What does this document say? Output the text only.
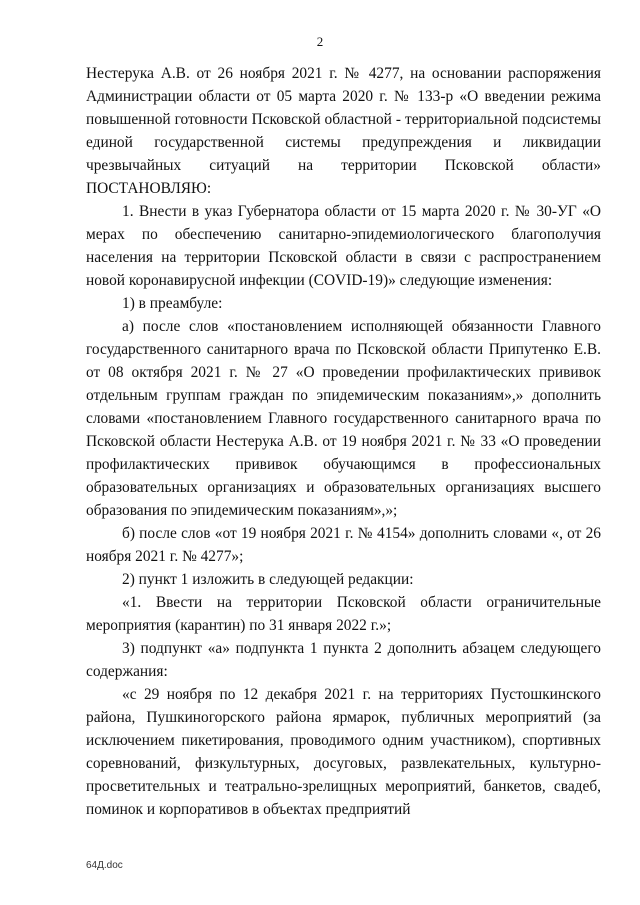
2

Нестерука А.В. от 26 ноября 2021 г. № 4277, на основании распоряжения Администрации области от 05 марта 2020 г. № 133-р «О введении режима повышенной готовности Псковской областной - территориальной подсистемы единой государственной системы предупреждения и ликвидации чрезвычайных ситуаций на территории Псковской области» ПОСТАНОВЛЯЮ:

1. Внести в указ Губернатора области от 15 марта 2020 г. № 30-УГ «О мерах по обеспечению санитарно-эпидемиологического благополучия населения на территории Псковской области в связи с распространением новой коронавирусной инфекции (COVID-19)» следующие изменения:

1) в преамбуле:

а) после слов «постановлением исполняющей обязанности Главного государственного санитарного врача по Псковской области Припутенко Е.В. от 08 октября 2021 г. № 27 «О проведении профилактических прививок отдельным группам граждан по эпидемическим показаниям»,» дополнить словами «постановлением Главного государственного санитарного врача по Псковской области Нестерука А.В. от 19 ноября 2021 г. № 33 «О проведении профилактических прививок обучающимся в профессиональных образовательных организациях и образовательных организациях высшего образования по эпидемическим показаниям»,»;

б) после слов «от 19 ноября 2021 г. № 4154» дополнить словами «, от 26 ноября 2021 г. № 4277»;

2) пункт 1 изложить в следующей редакции:

«1. Ввести на территории Псковской области ограничительные мероприятия (карантин) по 31 января 2022 г.»;

3) подпункт «а» подпункта 1 пункта 2 дополнить абзацем следующего содержания:

«с 29 ноября по 12 декабря 2021 г. на территориях Пустошкинского района, Пушкиногорского района ярмарок, публичных мероприятий (за исключением пикетирования, проводимого одним участником), спортивных соревнований, физкультурных, досуговых, развлекательных, культурно-просветительных и театрально-зрелищных мероприятий, банкетов, свадеб, поминок и корпоративов в объектах предприятий

64Д.doc
